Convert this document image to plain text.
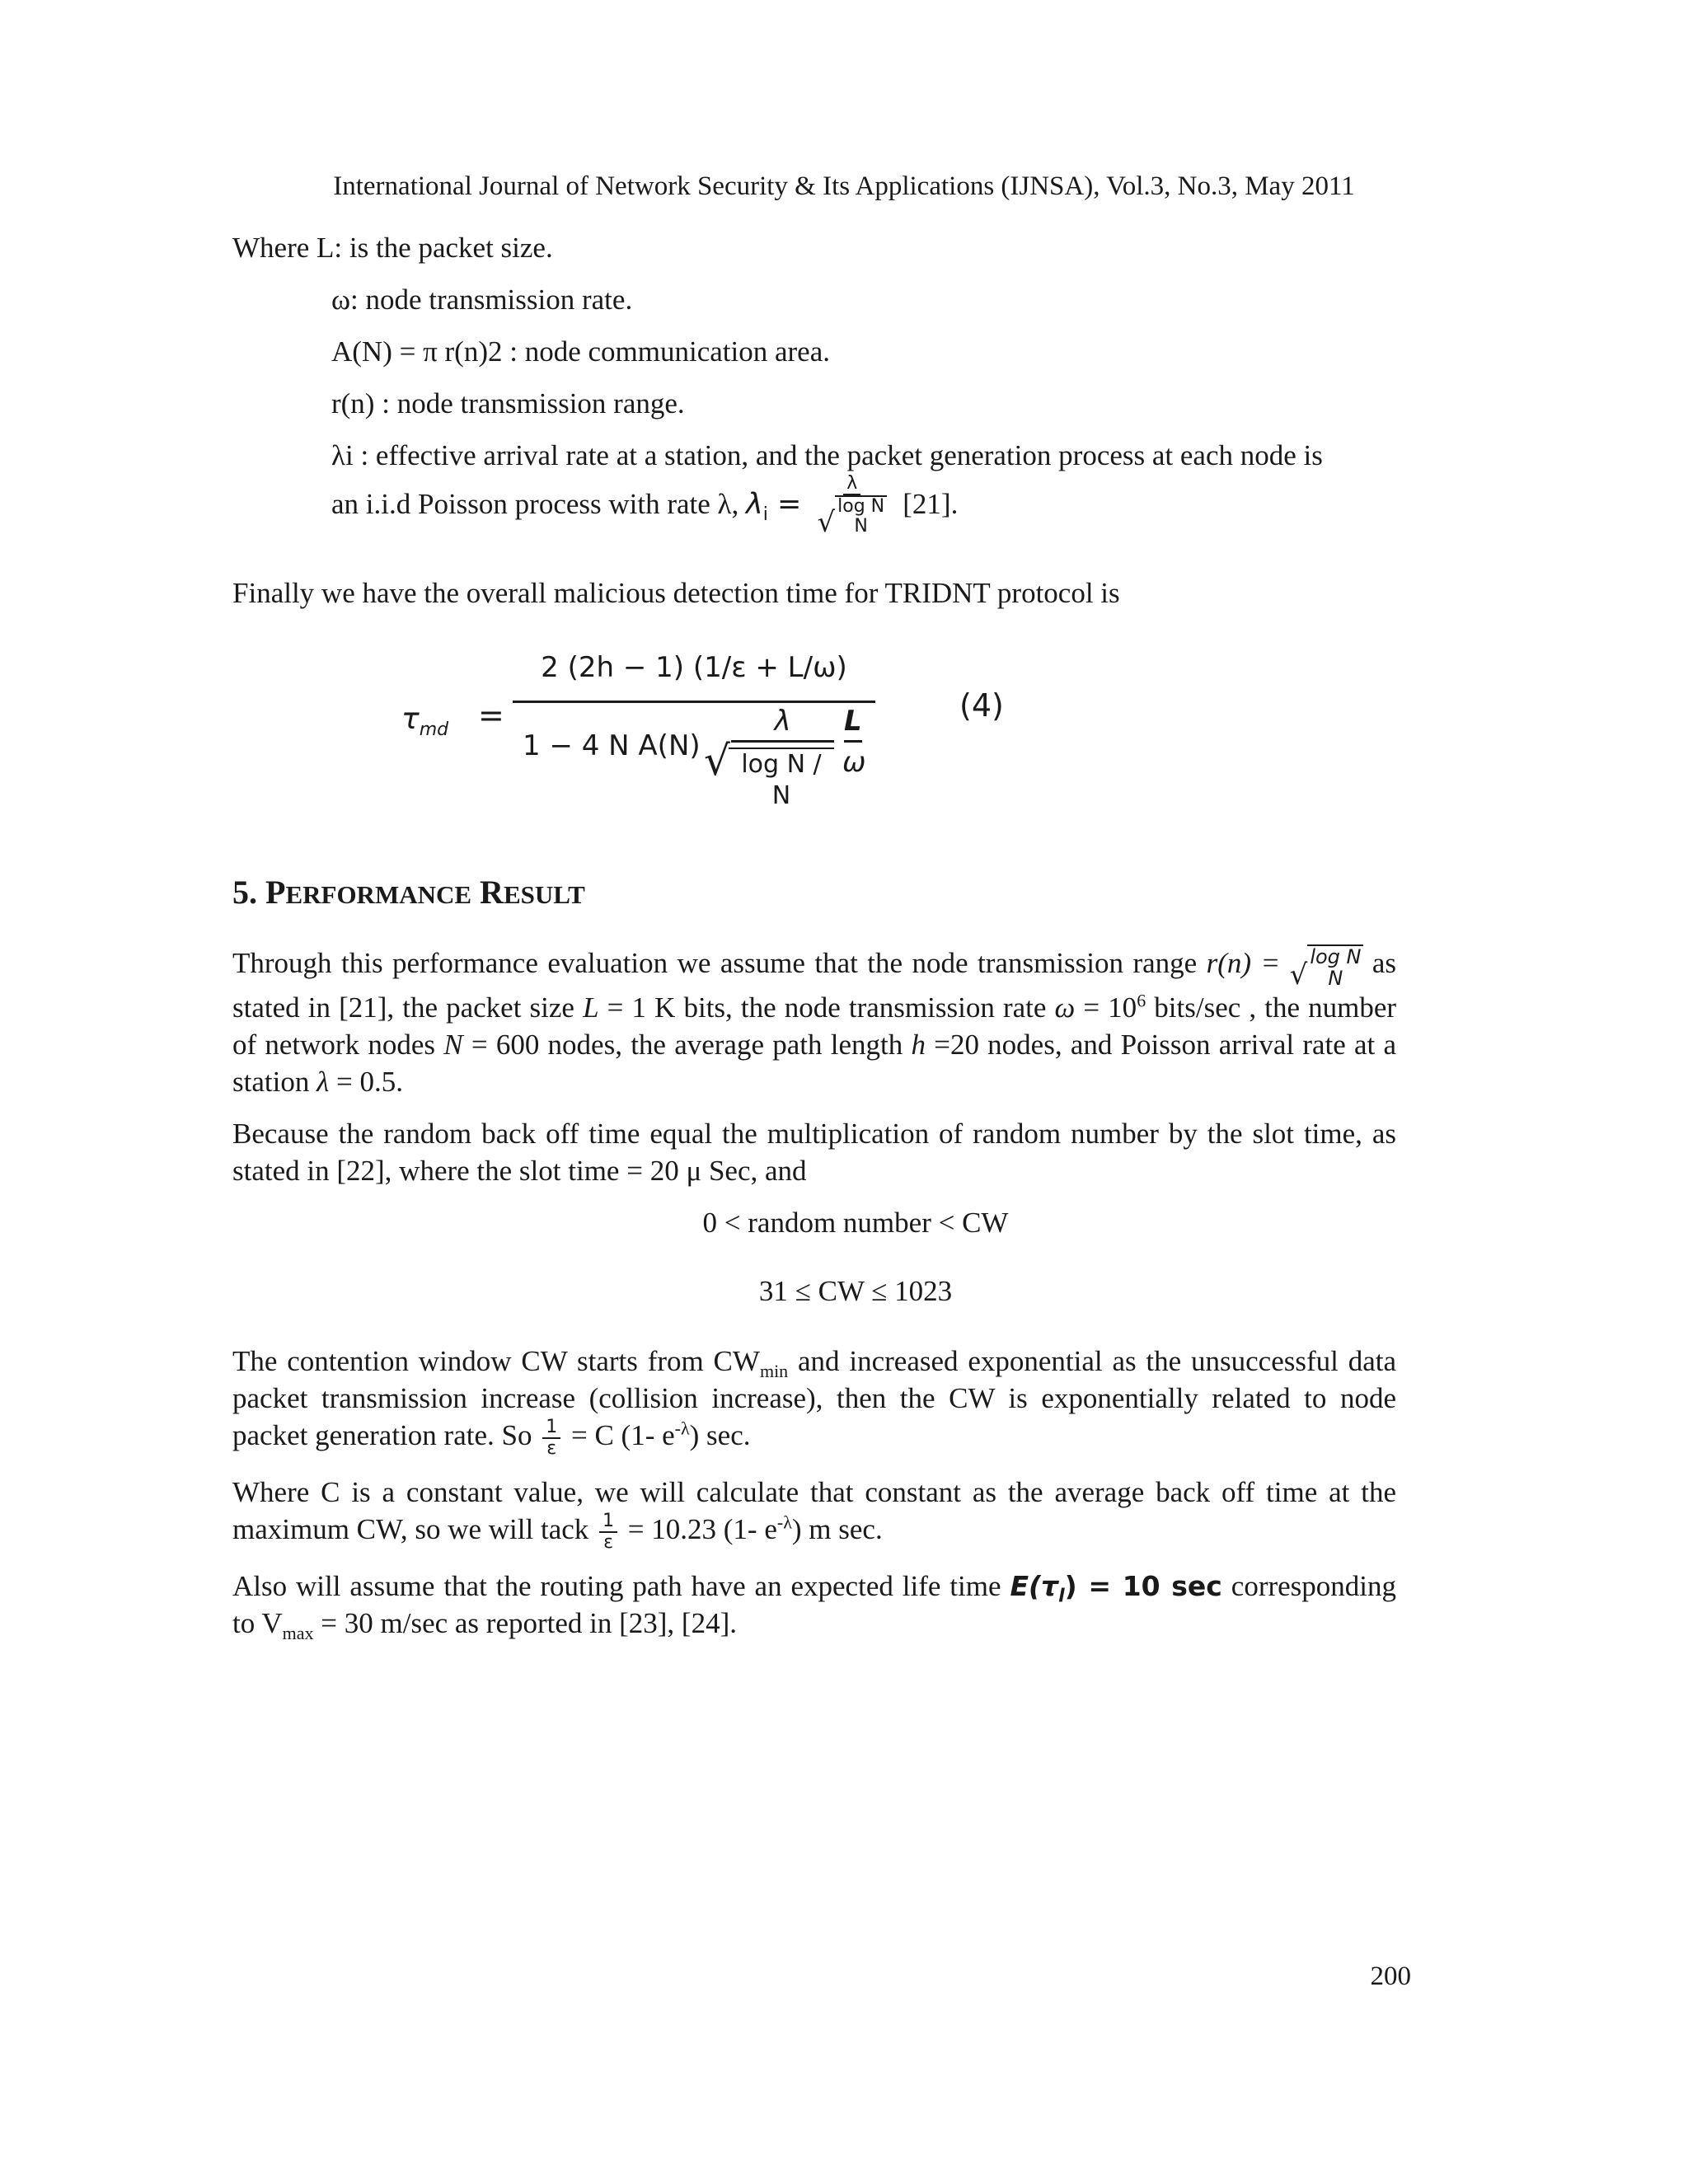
International Journal of Network Security & Its Applications (IJNSA), Vol.3, No.3, May 2011

Where L: is the packet size.

ω: node transmission rate.

A(N) = π r(n)2 : node communication area.

r(n) : node transmission range.

λi : effective arrival rate at a station, and the packet generation process at each node is

an i.i.d Poisson process with rate λ, $\lambda_i$ =
λ
√ log N
N
[21].

Finally we have the overall malicious detection time for TRIDNT protocol is

$\tau_{md}$ =
2 (2h − 1) (1/ε + L/ω)
1 − 4 N A(N)
λ
√ log N / N
L
ω
(4)
5. PERFORMANCE RESULT

Through this performance evaluation we assume that the node transmission range r(n) = √
log N
N	as stated in [21], the packet size L = 1 K bits, the node transmission rate $\omega = 10^6$ bits/sec , the number of network nodes N = 600 nodes, the average path length h =20 nodes, and Poisson arrival rate at a station λ = 0.5.

Because the random back off time equal the multiplication of random number by the slot time, as stated in [22], where the slot time = 20 μ Sec, and

0 < random number < CW

31 ≤ CW ≤ 1023

The contention window CW starts from $CW_{min}$ and increased exponential as the unsuccessful data packet transmission increase (collision increase), then the CW is exponentially related to node packet generation rate. So $\frac{1}{\varepsilon} = C$ (1- $e^{-\lambda}$) sec.

Where C is a constant value, we will calculate that constant as the average back off time at the maximum CW, so we will tack $\frac{1}{\varepsilon} = 10.23$ (1- $e^{-\lambda}$) m sec.

Also will assume that the routing path have an expected life time $E(\tau_l) = 10$ sec corresponding to $V_{max} = 30$ m/sec as reported in [23], [24].

200
